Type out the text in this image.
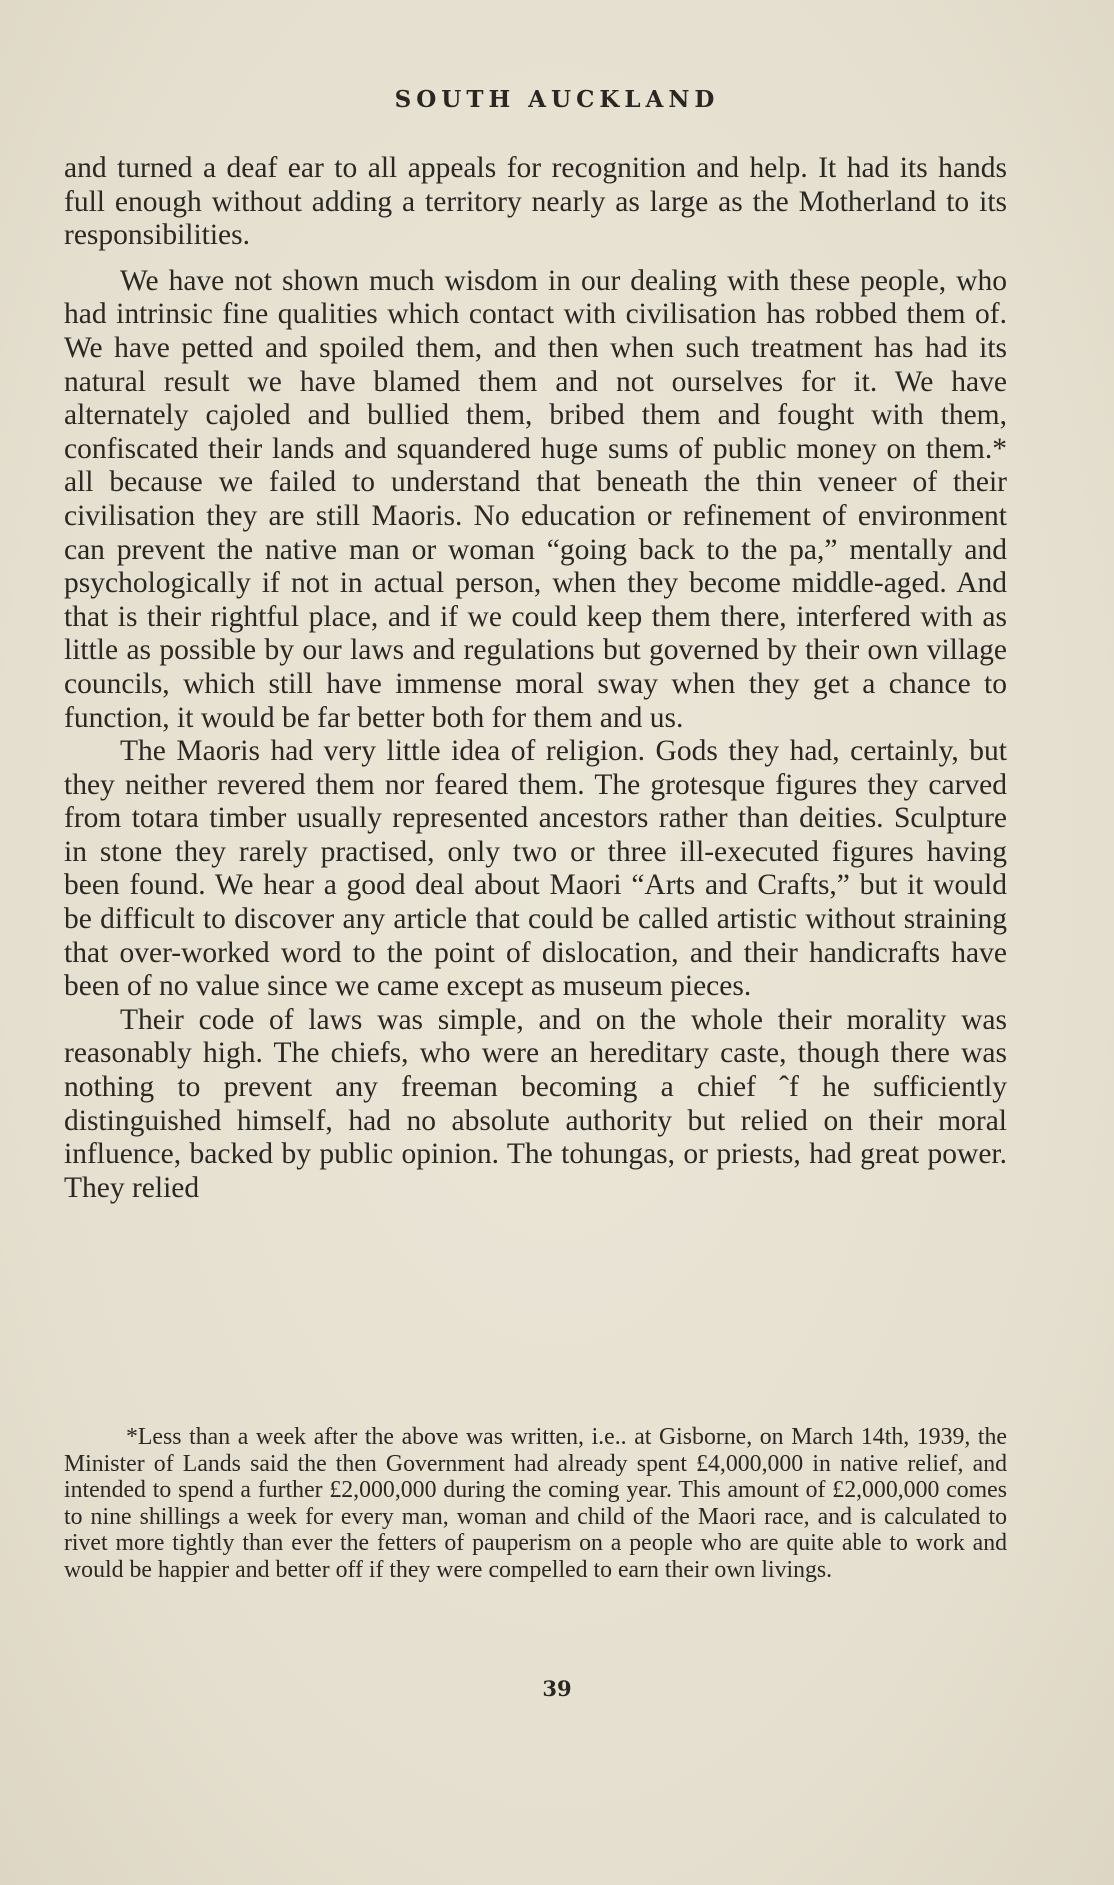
SOUTH AUCKLAND

and turned a deaf ear to all appeals for recognition and help. It had its hands full enough without adding a territory nearly as large as the Motherland to its responsibilities.

We have not shown much wisdom in our dealing with these people, who had intrinsic fine qualities which contact with civilisation has robbed them of. We have petted and spoiled them, and then when such treatment has had its natural result we have blamed them and not ourselves for it. We have alternately cajoled and bullied them, bribed them and fought with them, confiscated their lands and squandered huge sums of public money on them.* all because we failed to understand that beneath the thin veneer of their civilisation they are still Maoris. No education or refinement of environment can prevent the native man or woman “going back to the pa,” mentally and psychologically if not in actual person, when they become middle-aged. And that is their rightful place, and if we could keep them there, interfered with as little as possible by our laws and regulations but governed by their own village councils, which still have immense moral sway when they get a chance to function, it would be far better both for them and us.

The Maoris had very little idea of religion. Gods they had, certainly, but they neither revered them nor feared them. The grotesque figures they carved from totara timber usually represented ancestors rather than deities. Sculpture in stone they rarely practised, only two or three ill-executed figures having been found. We hear a good deal about Maori “Arts and Crafts,” but it would be difficult to discover any article that could be called artistic without straining that over-worked word to the point of dislocation, and their handicrafts have been of no value since we came except as museum pieces.

Their code of laws was simple, and on the whole their morality was reasonably high. The chiefs, who were an hereditary caste, though there was nothing to prevent any freeman becoming a chief ˆf he sufficiently distinguished himself, had no absolute authority but relied on their moral influence, backed by public opinion. The tohungas, or priests, had great power. They relied

*Less than a week after the above was written, i.e.. at Gisborne, on March 14th, 1939, the Minister of Lands said the then Government had already spent £4,000,000 in native relief, and intended to spend a further £2,000,000 during the coming year. This amount of £2,000,000 comes to nine shillings a week for every man, woman and child of the Maori race, and is calculated to rivet more tightly than ever the fetters of pauperism on a people who are quite able to work and would be happier and better off if they were compelled to earn their own livings.

39
